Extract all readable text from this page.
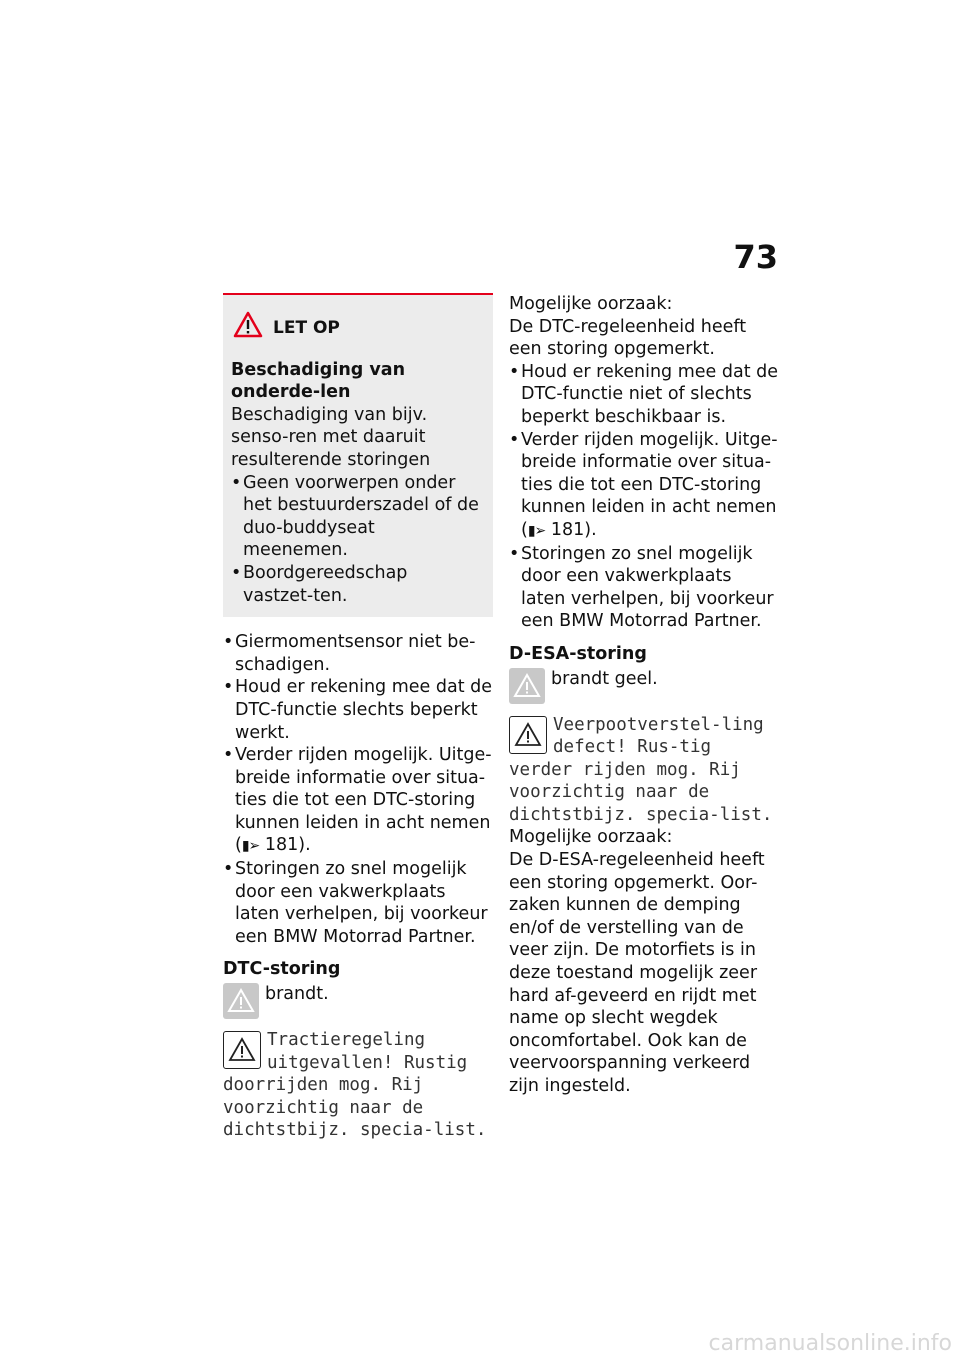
73
LET OP
Beschadiging van onderde-len
Beschadiging van bijv. senso-ren met daaruit resulterende storingen
• Geen voorwerpen onder het bestuurderszadel of de duo-buddyseat meenemen.
• Boordgereedschap vastzet-ten.
• Giermomentsensor niet be-schadigen.
• Houd er rekening mee dat de DTC-functie slechts beperkt werkt.
• Verder rijden mogelijk. Uitge-breide informatie over situa-ties die tot een DTC-storing kunnen leiden in acht nemen (▮➢ 181).
• Storingen zo snel mogelijk door een vakwerkplaats laten verhelpen, bij voorkeur een BMW Motorrad Partner.
DTC-storing
brandt.
Tractieregeling uitgevallen! Rustig doorrijden mog. Rij voorzichtig naar de dichtstbijz. specia-list.
Mogelijke oorzaak:
De DTC-regeleenheid heeft een storing opgemerkt.
• Houd er rekening mee dat de DTC-functie niet of slechts beperkt beschikbaar is.
• Verder rijden mogelijk. Uitge-breide informatie over situa-ties die tot een DTC-storing kunnen leiden in acht nemen (▮➢ 181).
• Storingen zo snel mogelijk door een vakwerkplaats laten verhelpen, bij voorkeur een BMW Motorrad Partner.
D-ESA-storing
brandt geel.
Veerpootverstel-ling defect! Rus-tig verder rijden mog. Rij voorzichtig naar de dichtstbijz. specia-list.
Mogelijke oorzaak:
De D-ESA-regeleenheid heeft een storing opgemerkt. Oor-zaken kunnen de demping en/of de verstelling van de veer zijn. De motorfiets is in deze toestand mogelijk zeer hard af-geveerd en rijdt met name op slecht wegdek oncomfortabel. Ook kan de veervoorspanning verkeerd zijn ingesteld.
carmanualsonline.info
